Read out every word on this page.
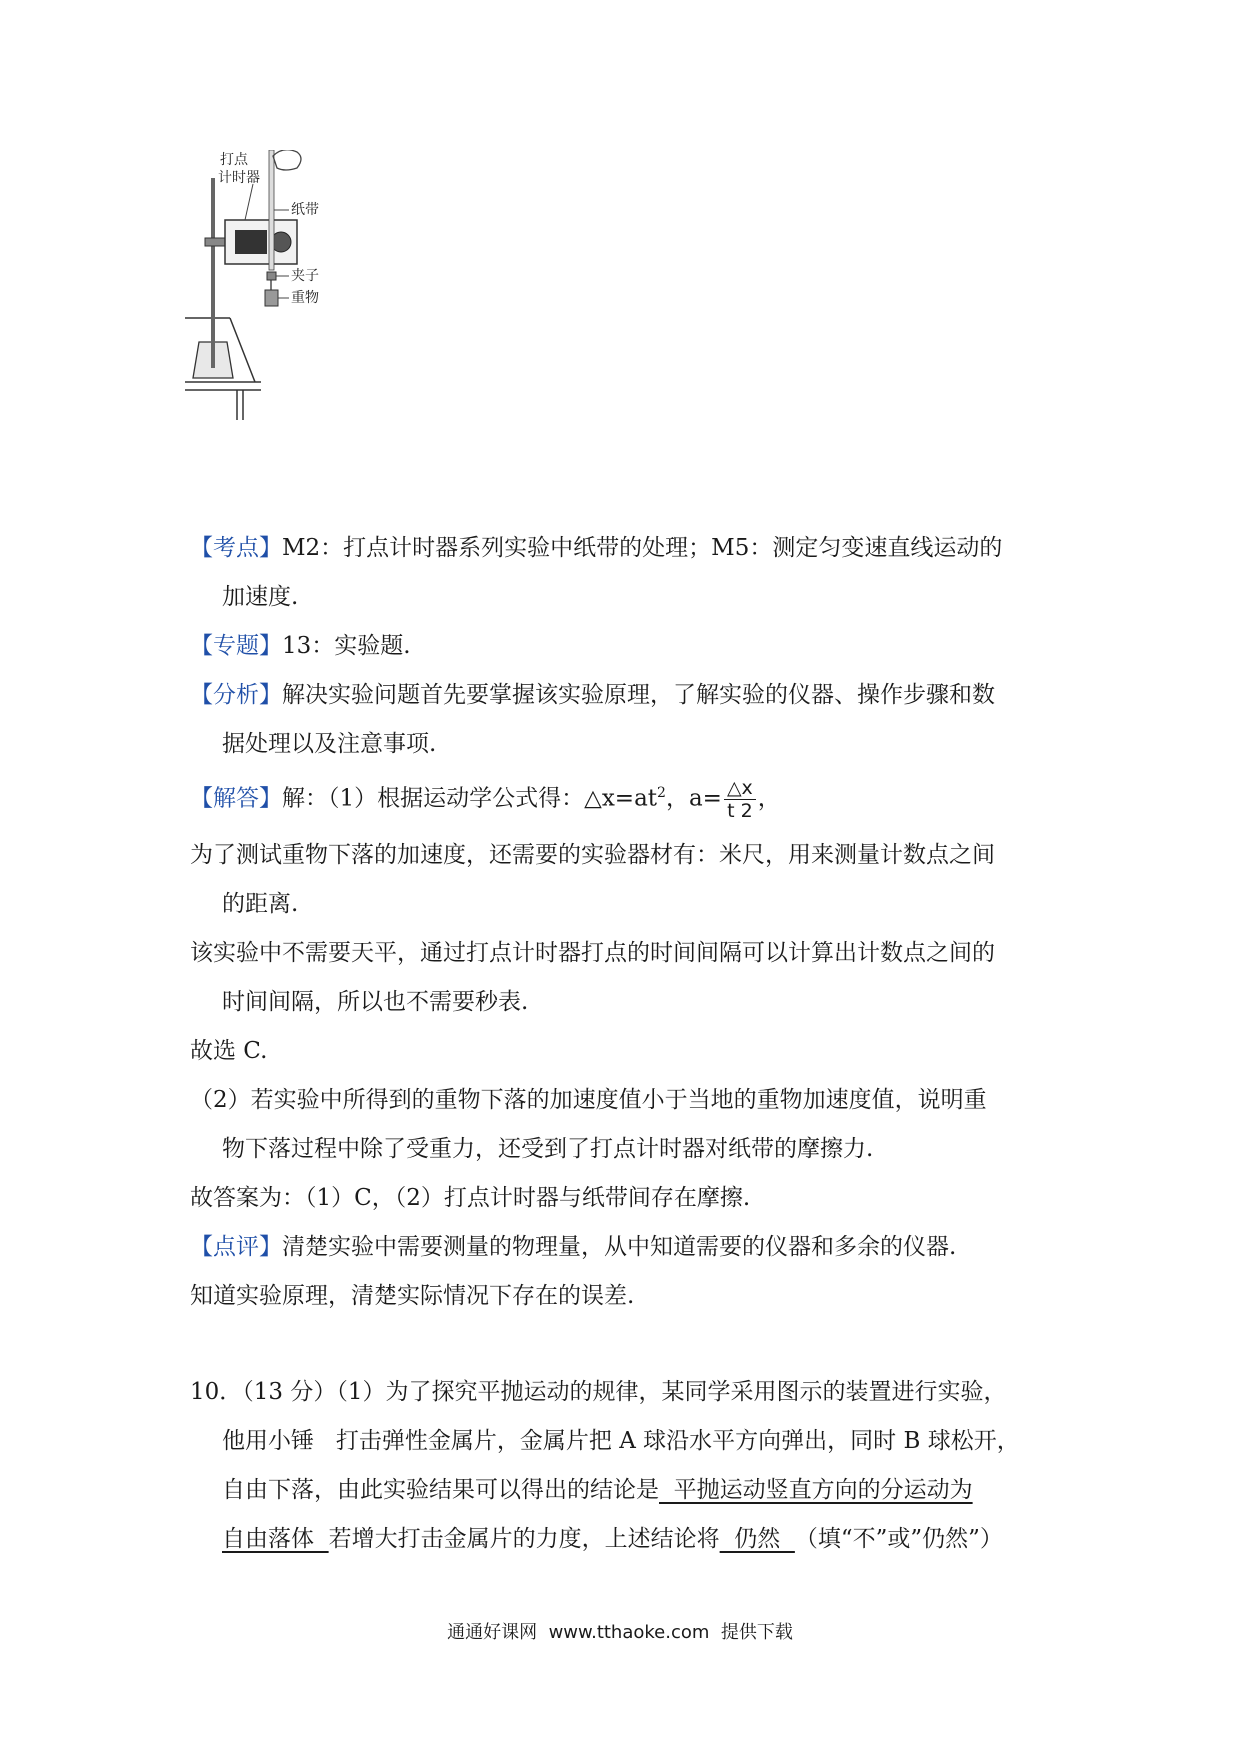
打点
计时器
纸带
夹子
重物
【考点】M2：打点计时器系列实验中纸带的处理；M5：测定匀变速直线运动的
加速度.
【专题】13：实验题.
【分析】解决实验问题首先要掌握该实验原理，了解实验的仪器、操作步骤和数
据处理以及注意事项.
【解答】解：（1）根据运动学公式得：$\triangle x=at^2$，$a= \frac{\triangle x}{t 2}$ ，
为了测试重物下落的加速度，还需要的实验器材有：米尺，用来测量计数点之间
的距离.
该实验中不需要天平，通过打点计时器打点的时间间隔可以计算出计数点之间的
时间间隔，所以也不需要秒表.
故选 C.
（2）若实验中所得到的重物下落的加速度值小于当地的重物加速度值，说明重
物下落过程中除了受重力，还受到了打点计时器对纸带的摩擦力.
故答案为：（1）C，（2）打点计时器与纸带间存在摩擦.
【点评】清楚实验中需要测量的物理量，从中知道需要的仪器和多余的仪器.
知道实验原理，清楚实际情况下存在的误差.
10．（13 分）（1）为了探究平抛运动的规律，某同学采用图示的装置进行实验，
他用小锤   打击弹性金属片，金属片把 A 球沿水平方向弹出，同时 B 球松开，
自由下落，由此实验结果可以得出的结论是  平抛运动竖直方向的分运动为
自由落体  若增大打击金属片的力度，上述结论将  仍然  （填“不”或”仍然”）
通通好课网  www.tthaoke.com  提供下载
